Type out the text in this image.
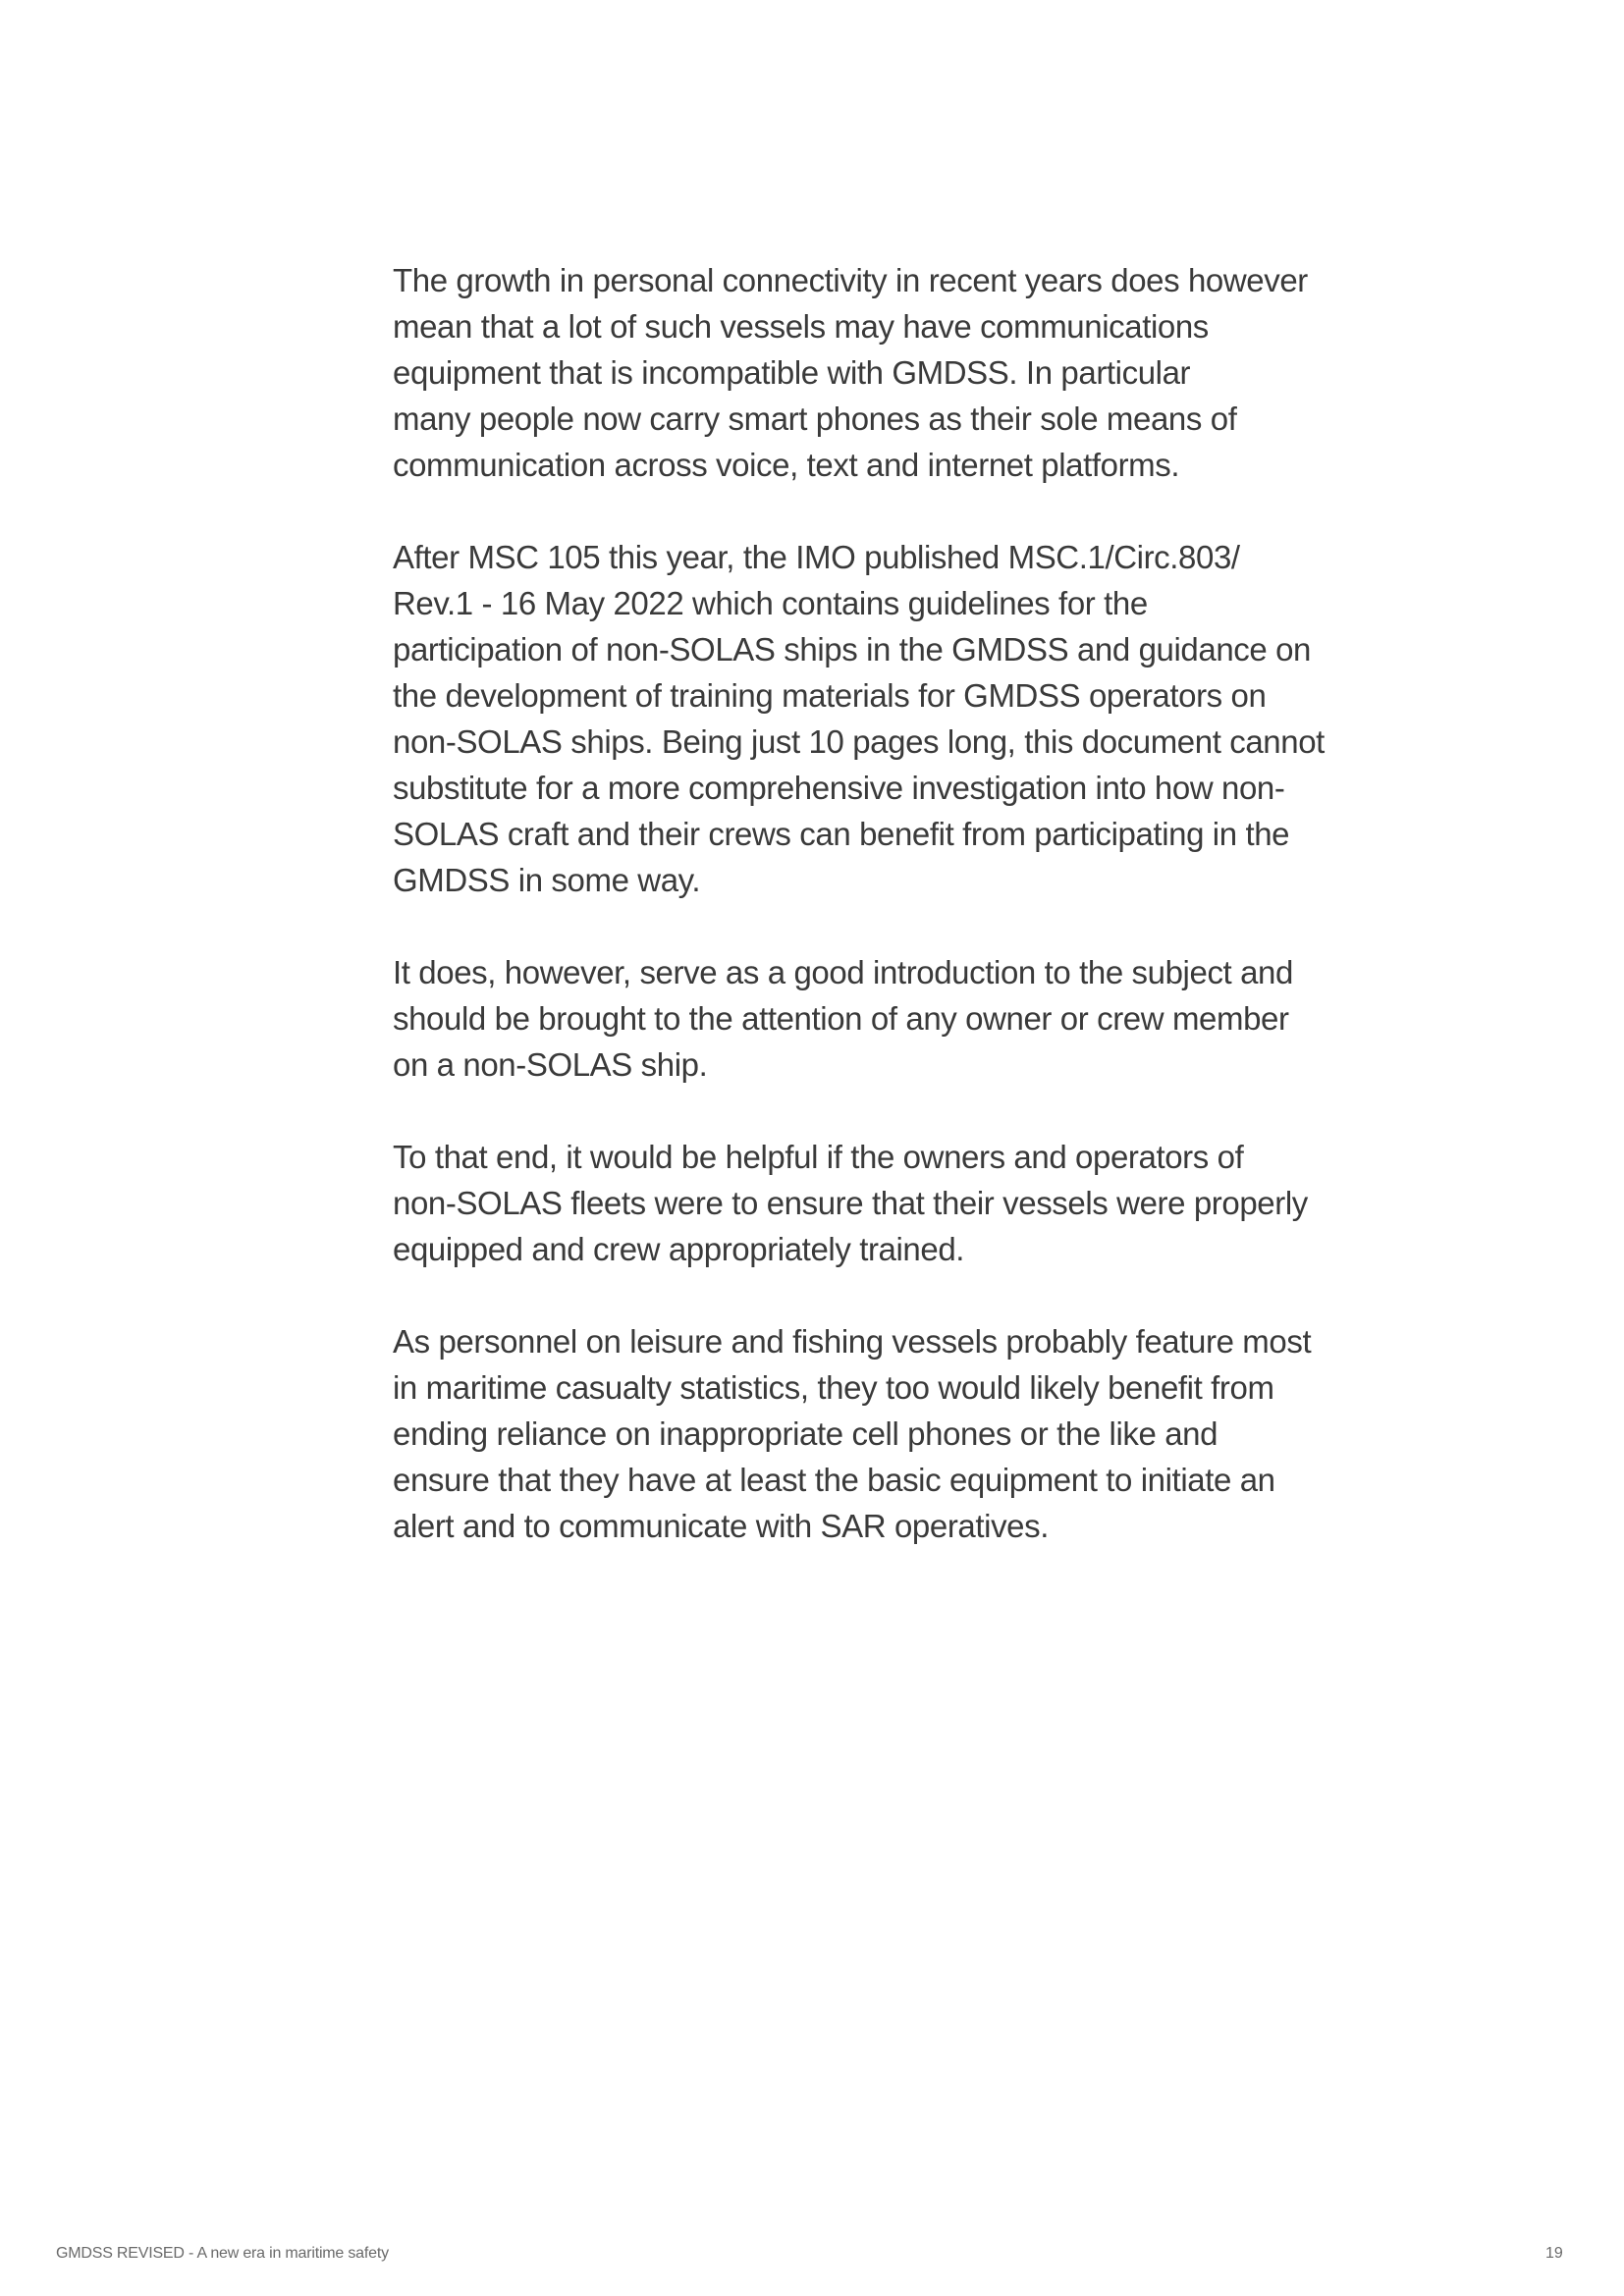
The growth in personal connectivity in recent years does however
mean that a lot of such vessels may have communications
equipment that is incompatible with GMDSS. In particular
many people now carry smart phones as their sole means of
communication across voice, text and internet platforms.

After MSC 105 this year, the IMO published MSC.1/Circ.803/
Rev.1 - 16 May 2022 which contains guidelines for the
participation of non-SOLAS ships in the GMDSS and guidance on
the development of training materials for GMDSS operators on
non-SOLAS ships. Being just 10 pages long, this document cannot
substitute for a more comprehensive investigation into how non-
SOLAS craft and their crews can benefit from participating in the
GMDSS in some way.

It does, however, serve as a good introduction to the subject and
should be brought to the attention of any owner or crew member
on a non-SOLAS ship.

To that end, it would be helpful if the owners and operators of
non-SOLAS fleets were to ensure that their vessels were properly
equipped and crew appropriately trained.

As personnel on leisure and fishing vessels probably feature most
in maritime casualty statistics, they too would likely benefit from
ending reliance on inappropriate cell phones or the like and
ensure that they have at least the basic equipment to initiate an
alert and to communicate with SAR operatives.

GMDSS REVISED - A new era in maritime safety	19
